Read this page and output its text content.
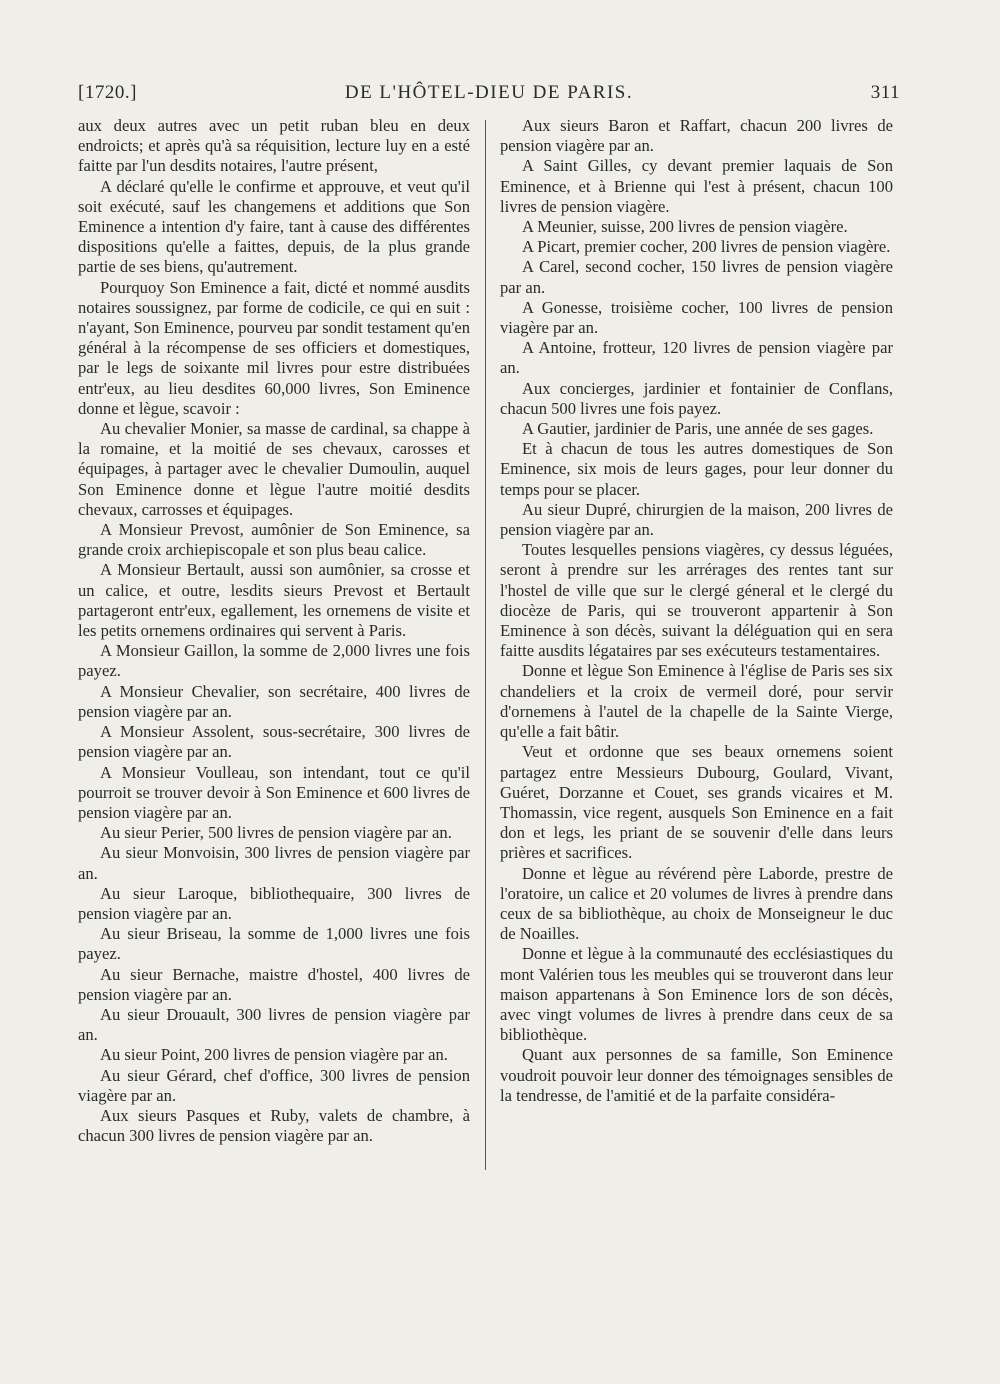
[1720.]	DE L'HÔTEL-DIEU DE PARIS.	311

aux deux autres avec un petit ruban bleu en deux endroicts; et après qu'à sa réquisition, lecture luy en a esté faitte par l'un desdits notaires, l'autre présent,

A déclaré qu'elle le confirme et approuve, et veut qu'il soit exécuté, sauf les changemens et additions que Son Eminence a intention d'y faire, tant à cause des différentes dispositions qu'elle a faittes, depuis, de la plus grande partie de ses biens, qu'autrement.

Pourquoy Son Eminence a fait, dicté et nommé ausdits notaires soussignez, par forme de codicile, ce qui en suit : n'ayant, Son Eminence, pourveu par sondit testament qu'en général à la récompense de ses officiers et domestiques, par le legs de soixante mil livres pour estre distribuées entr'eux, au lieu desdites 60,000 livres, Son Eminence donne et lègue, scavoir :

Au chevalier Monier, sa masse de cardinal, sa chappe à la romaine, et la moitié de ses chevaux, carosses et équipages, à partager avec le chevalier Dumoulin, auquel Son Eminence donne et lègue l'autre moitié desdits chevaux, carrosses et équipages.

A Monsieur Prevost, aumônier de Son Eminence, sa grande croix archiepiscopale et son plus beau calice.

A Monsieur Bertault, aussi son aumônier, sa crosse et un calice, et outre, lesdits sieurs Prevost et Bertault partageront entr'eux, egallement, les ornemens de visite et les petits ornemens ordinaires qui servent à Paris.

A Monsieur Gaillon, la somme de 2,000 livres une fois payez.

A Monsieur Chevalier, son secrétaire, 400 livres de pension viagère par an.

A Monsieur Assolent, sous-secrétaire, 300 livres de pension viagère par an.

A Monsieur Voulleau, son intendant, tout ce qu'il pourroit se trouver devoir à Son Eminence et 600 livres de pension viagère par an.

Au sieur Perier, 500 livres de pension viagère par an.

Au sieur Monvoisin, 300 livres de pension viagère par an.

Au sieur Laroque, bibliothequaire, 300 livres de pension viagère par an.

Au sieur Briseau, la somme de 1,000 livres une fois payez.

Au sieur Bernache, maistre d'hostel, 400 livres de pension viagère par an.

Au sieur Drouault, 300 livres de pension viagère par an.

Au sieur Point, 200 livres de pension viagère par an.

Au sieur Gérard, chef d'office, 300 livres de pension viagère par an.

Aux sieurs Pasques et Ruby, valets de chambre, à chacun 300 livres de pension viagère par an.

Aux sieurs Baron et Raffart, chacun 200 livres de pension viagère par an.

A Saint Gilles, cy devant premier laquais de Son Eminence, et à Brienne qui l'est à présent, chacun 100 livres de pension viagère.

A Meunier, suisse, 200 livres de pension viagère.

A Picart, premier cocher, 200 livres de pension viagère.

A Carel, second cocher, 150 livres de pension viagère par an.

A Gonesse, troisième cocher, 100 livres de pension viagère par an.

A Antoine, frotteur, 120 livres de pension viagère par an.

Aux concierges, jardinier et fontainier de Conflans, chacun 500 livres une fois payez.

A Gautier, jardinier de Paris, une année de ses gages.

Et à chacun de tous les autres domestiques de Son Eminence, six mois de leurs gages, pour leur donner du temps pour se placer.

Au sieur Dupré, chirurgien de la maison, 200 livres de pension viagère par an.

Toutes lesquelles pensions viagères, cy dessus léguées, seront à prendre sur les arrérages des rentes tant sur l'hostel de ville que sur le clergé géneral et le clergé du diocèze de Paris, qui se trouveront appartenir à Son Eminence à son décès, suivant la déléguation qui en sera faitte ausdits légataires par ses exécuteurs testamentaires.

Donne et lègue Son Eminence à l'église de Paris ses six chandeliers et la croix de vermeil doré, pour servir d'ornemens à l'autel de la chapelle de la Sainte Vierge, qu'elle a fait bâtir.

Veut et ordonne que ses beaux ornemens soient partagez entre Messieurs Dubourg, Goulard, Vivant, Guéret, Dorzanne et Couet, ses grands vicaires et M. Thomassin, vice regent, ausquels Son Eminence en a fait don et legs, les priant de se souvenir d'elle dans leurs prières et sacrifices.

Donne et lègue au révérend père Laborde, prestre de l'oratoire, un calice et 20 volumes de livres à prendre dans ceux de sa bibliothèque, au choix de Monseigneur le duc de Noailles.

Donne et lègue à la communauté des ecclésiastiques du mont Valérien tous les meubles qui se trouveront dans leur maison appartenans à Son Eminence lors de son décès, avec vingt volumes de livres à prendre dans ceux de sa bibliothèque.

Quant aux personnes de sa famille, Son Eminence voudroit pouvoir leur donner des témoignages sensibles de la tendresse, de l'amitié et de la parfaite considéra-
